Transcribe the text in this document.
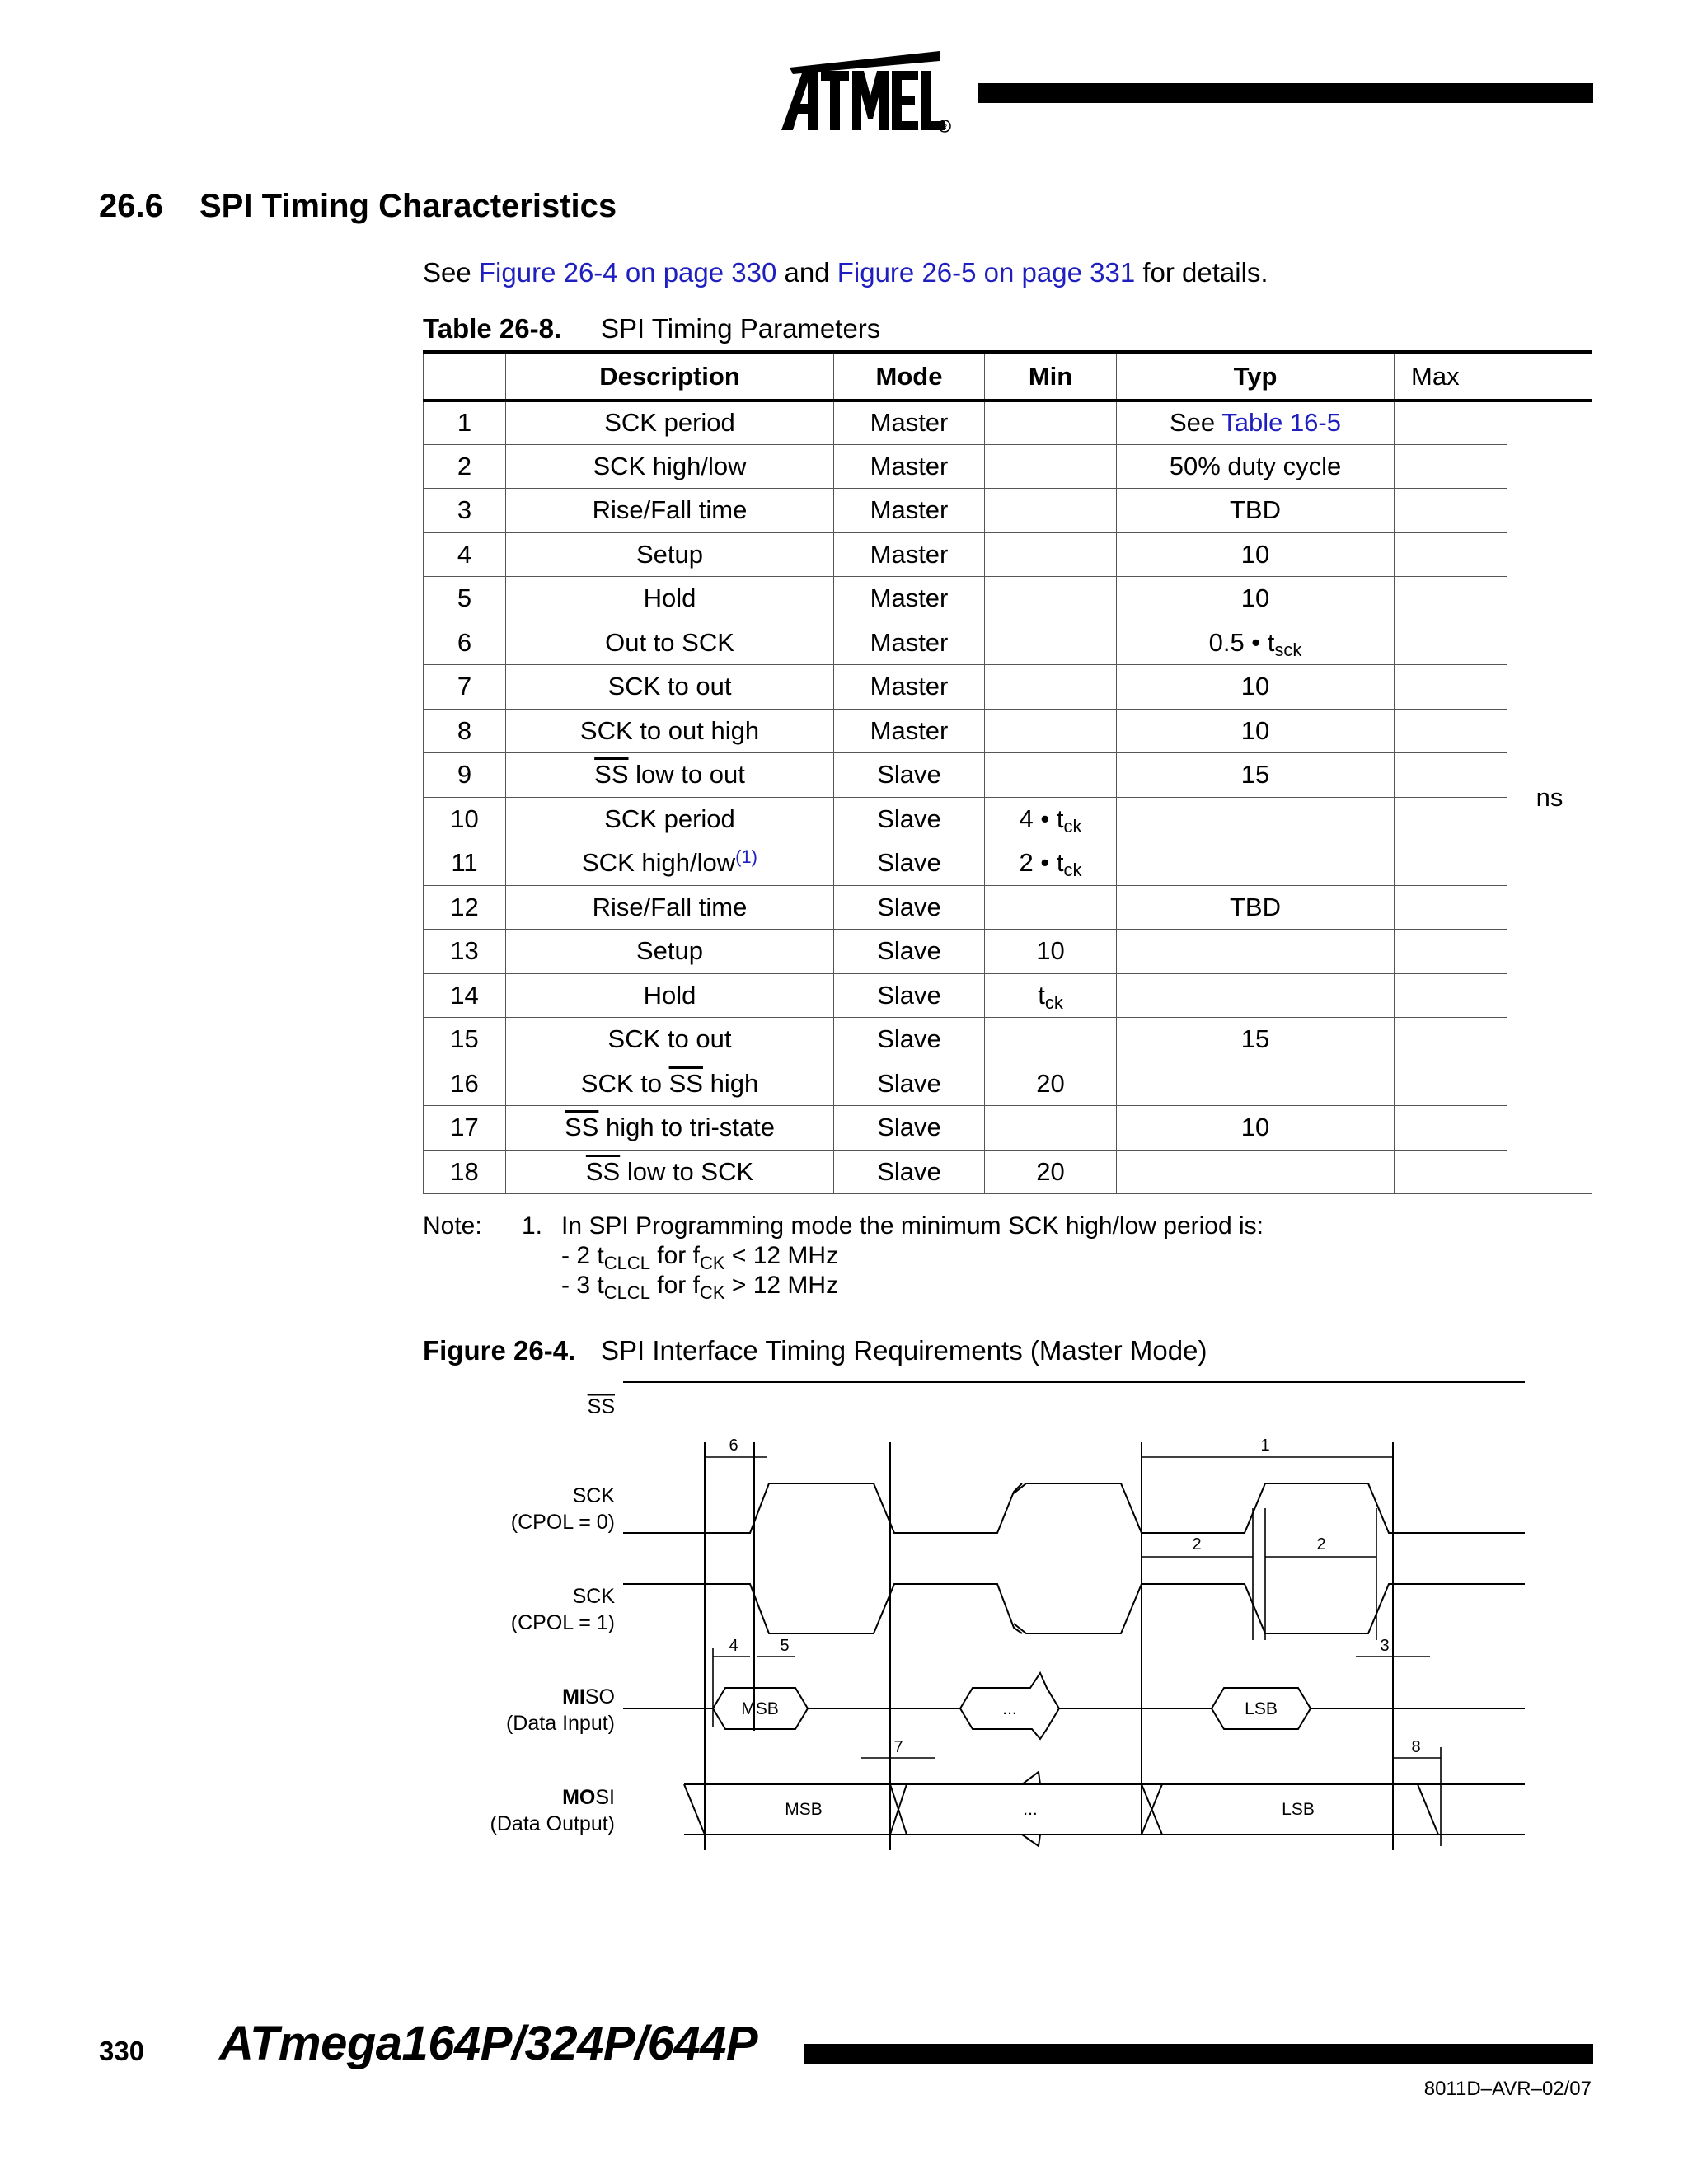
R
26.6 SPI Timing Characteristics
See Figure 26-4 on page 330 and Figure 26-5 on page 331 for details.
Table 26-8. SPI Timing Parameters
	Description	Mode	Min	Typ	Max	
1	SCK period	Master		See Table 16-5		ns
2	SCK high/low	Master		50% duty cycle		
3	Rise/Fall time	Master		TBD		
4	Setup	Master		10		
5	Hold	Master		10		
6	Out to SCK	Master		0.5 • $t_{sck}$	
7	SCK to out	Master		10		
8	SCK to out high	Master		10		
9	$\overline{SS}$ low to out	Slave		15		
10	SCK period	Slave	4 • $t_{ck}$		
11	SCK high/low$^{(1)}$	Slave	2 • $t_{ck}$		
12	Rise/Fall time	Slave		TBD		
13	Setup	Slave	10			
14	Hold	Slave	$t_{ck}$		
15	SCK to out	Slave		15		
16	SCK to $\overline{SS}$ high	Slave	20			
17	$\overline{SS}$ high to tri-state	Slave		10		
18	$\overline{SS}$ low to SCK	Slave	20			
Note: 1. In SPI Programming mode the minimum SCK high/low period is:
- 2 $t_{CLCL}$ for $f_{CK} < 12$ MHz
- 3 $t_{CLCL}$ for $f_{CK} > 12$ MHz
Figure 26-4. SPI Interface Timing Requirements (Master Mode)
6	1
2	2
4	5	3
7	8
MSB	...	LSB
MSB	...	LSB
SS
SCK
(CPOL = 0)
SCK
(CPOL = 1)
MISO
(Data Input)
MOSI
(Data Output)
330 ATmega164P/324P/644P
8011D–AVR–02/07
